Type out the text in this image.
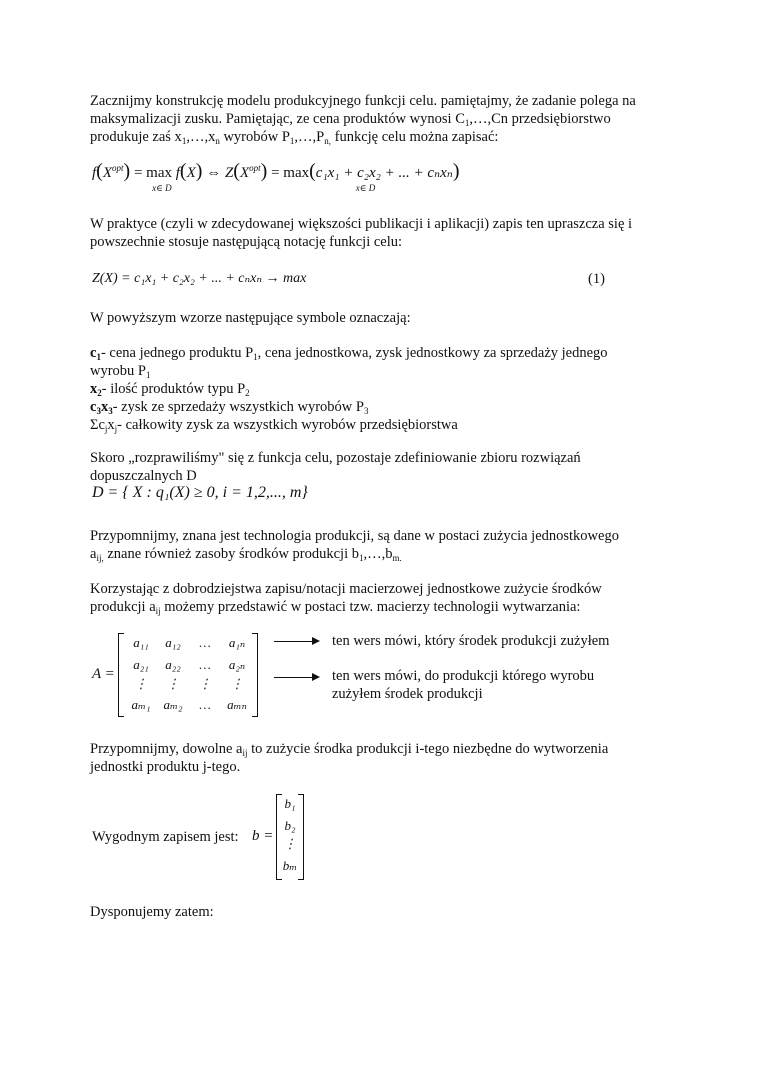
Zacznijmy konstrukcję modelu produkcyjnego funkcji celu. pamiętajmy, że zadanie polega na
maksymalizacji zusku. Pamiętając, ze cena produktów wynosi $C_1,\dots,Cn$ przedsiębiorstwo
produkuje zaś $x_1,\dots,x_n$ wyrobów $P_1,\dots,P_{n,}$ funkcję celu można zapisać:
$f(X^{opt}) = \max$
x∈ D
f(X) ⇔ $Z(X^{opt}) = \max(c_1x_1 + c_2x_2$ + ... + cₙxₙ
x∈ D
)
W praktyce (czyli w zdecydowanej większości publikacji i aplikacji) zapis ten upraszcza się i
powszechnie stosuje następującą notację funkcji celu:
Z(X) = c₁x₁ + c₂x₂ + ... + cₙxₙ → max	(1)
W powyższym wzorze następujące symbole oznaczają:
$c_1-$ cena jednego produktu $P_1$, cena jednostkowa, zysk jednostkowy za sprzedaży jednego
wyrobu $P_1$
$x_2-$ ilość produktów typu $P_2$
$c_3x_3-$ zysk ze sprzedaży wszystkich wyrobów $P_3$
$\Sigma c_jx_j-$ całkowity zysk za wszystkich wyrobów przedsiębiorstwa
Skoro „rozprawiliśmy" się z funkcja celu, pozostaje zdefiniowanie zbioru rozwiązań
dopuszczalnych D
D = { X : q₁(X) ≥ 0, i = 1,2,..., m}
Przypomnijmy, znana jest technologia produkcji, są dane w postaci zużycia jednostkowego
$a_{ij,}$ znane również zasoby środków produkcji $b_1,\dots,b_{m.}$
Korzystając z dobrodziejstwa zapisu/notacji macierzowej jednostkowe zużycie środków
produkcji $a_{ij}$ możemy przedstawić w postaci tzw. macierzy technologii wytwarzania:
A =
a₁₁	a₁₂	…	a₁ₙ
a₂₁	a₂₂	…	a₂ₙ
⋮	⋮	⋮	⋮
aₘ₁	aₘ₂	…	aₘₙ
ten wers mówi, który środek produkcji zużyłem
ten wers mówi, do produkcji którego wyrobu
zużyłem środek produkcji
Przypomnijmy, dowolne $a_{ij}$ to zużycie środka produkcji i-tego niezbędne do wytworzenia
jednostki produktu j-tego.
Wygodnym zapisem jest: b =
b₁
b₂
⋮
bₘ
Dysponujemy zatem:
